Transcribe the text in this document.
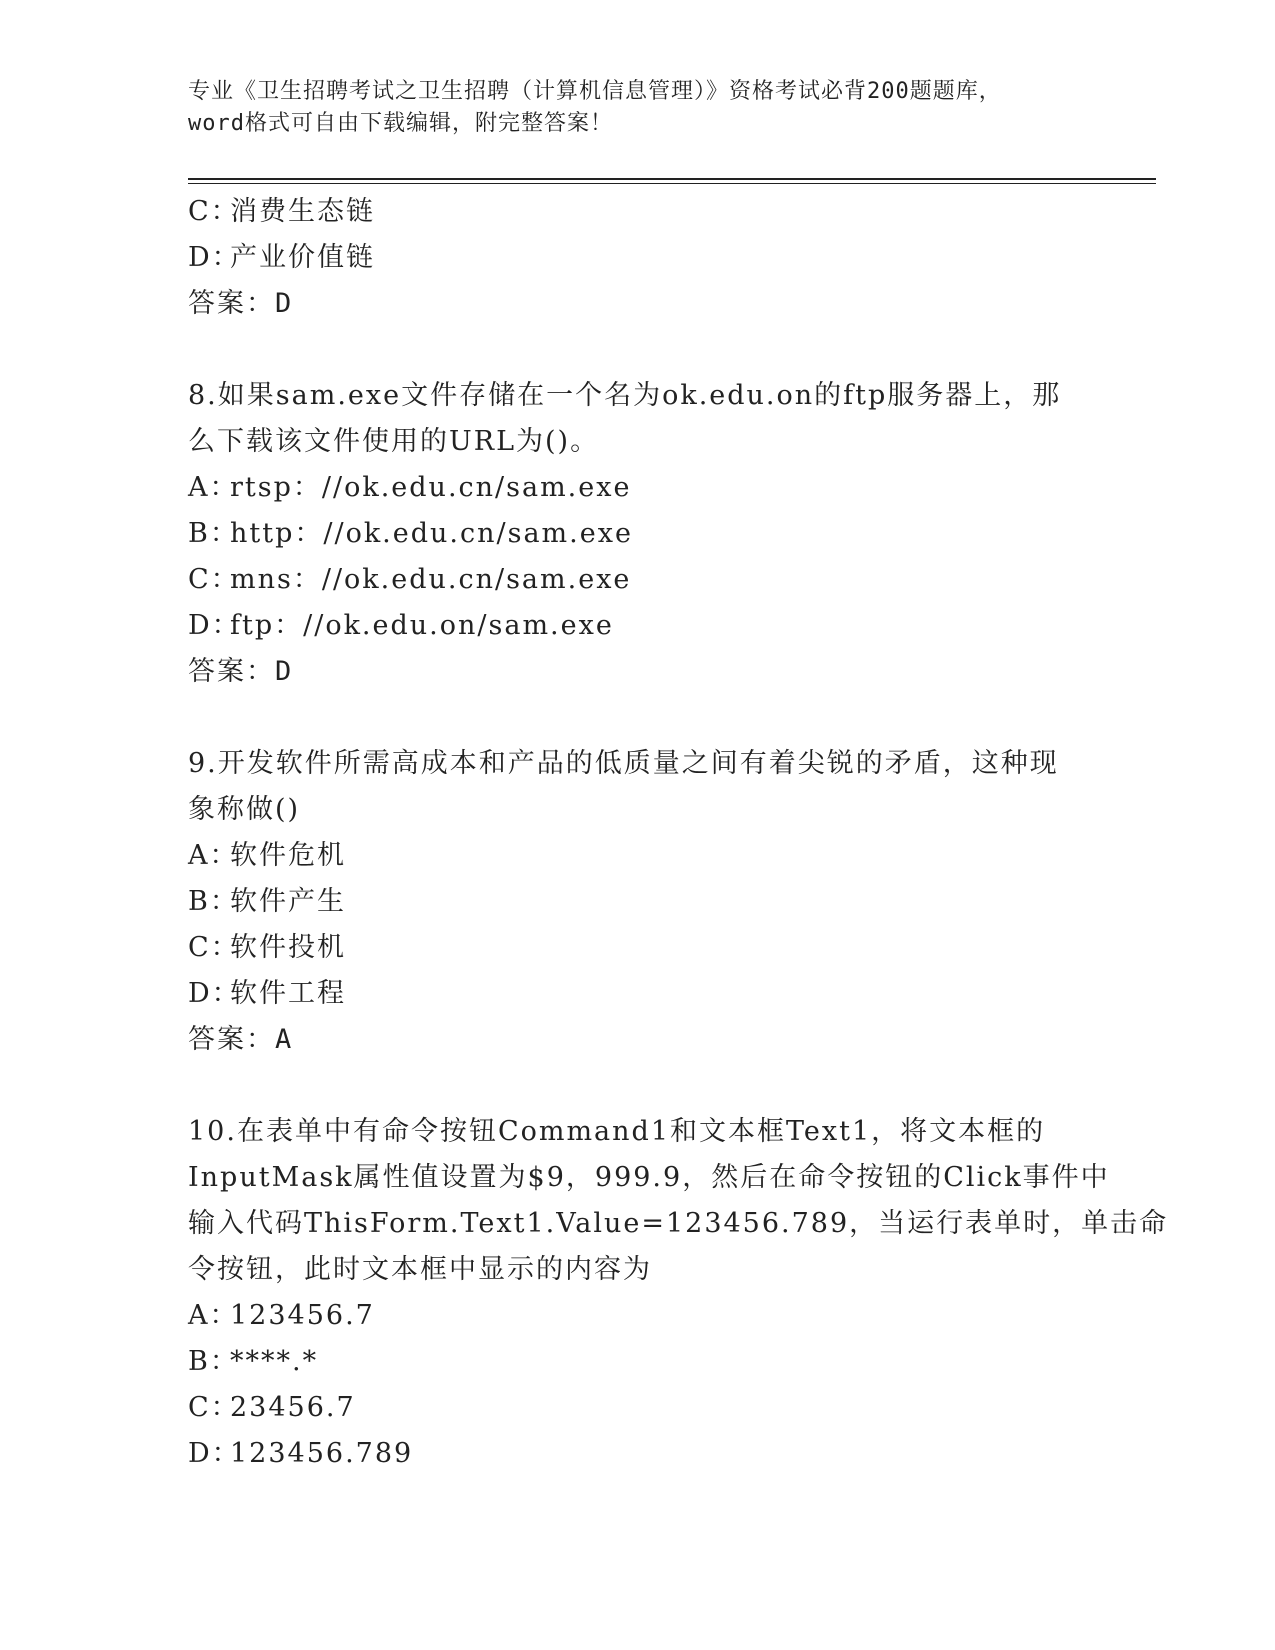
专业《卫生招聘考试之卫生招聘（计算机信息管理）》资格考试必背200题题库，
word格式可自由下载编辑，附完整答案！
C：消费生态链
D：产业价值链
答案：D
8.如果sam.exe文件存储在一个名为ok.edu.on的ftp服务器上，那
么下载该文件使用的URL为()。
A：rtsp：//ok.edu.cn/sam.exe
B：http：//ok.edu.cn/sam.exe
C：mns：//ok.edu.cn/sam.exe
D：ftp：//ok.edu.on/sam.exe
答案：D
9.开发软件所需高成本和产品的低质量之间有着尖锐的矛盾，这种现
象称做()
A：软件危机
B：软件产生
C：软件投机
D：软件工程
答案：A
10.在表单中有命令按钮Command1和文本框Text1，将文本框的
InputMask属性值设置为$9，999.9，然后在命令按钮的Click事件中
输入代码ThisForm.Text1.Value=123456.789，当运行表单时，单击命
令按钮，此时文本框中显示的内容为
A：123456.7
B：****.*
C：23456.7
D：123456.789
